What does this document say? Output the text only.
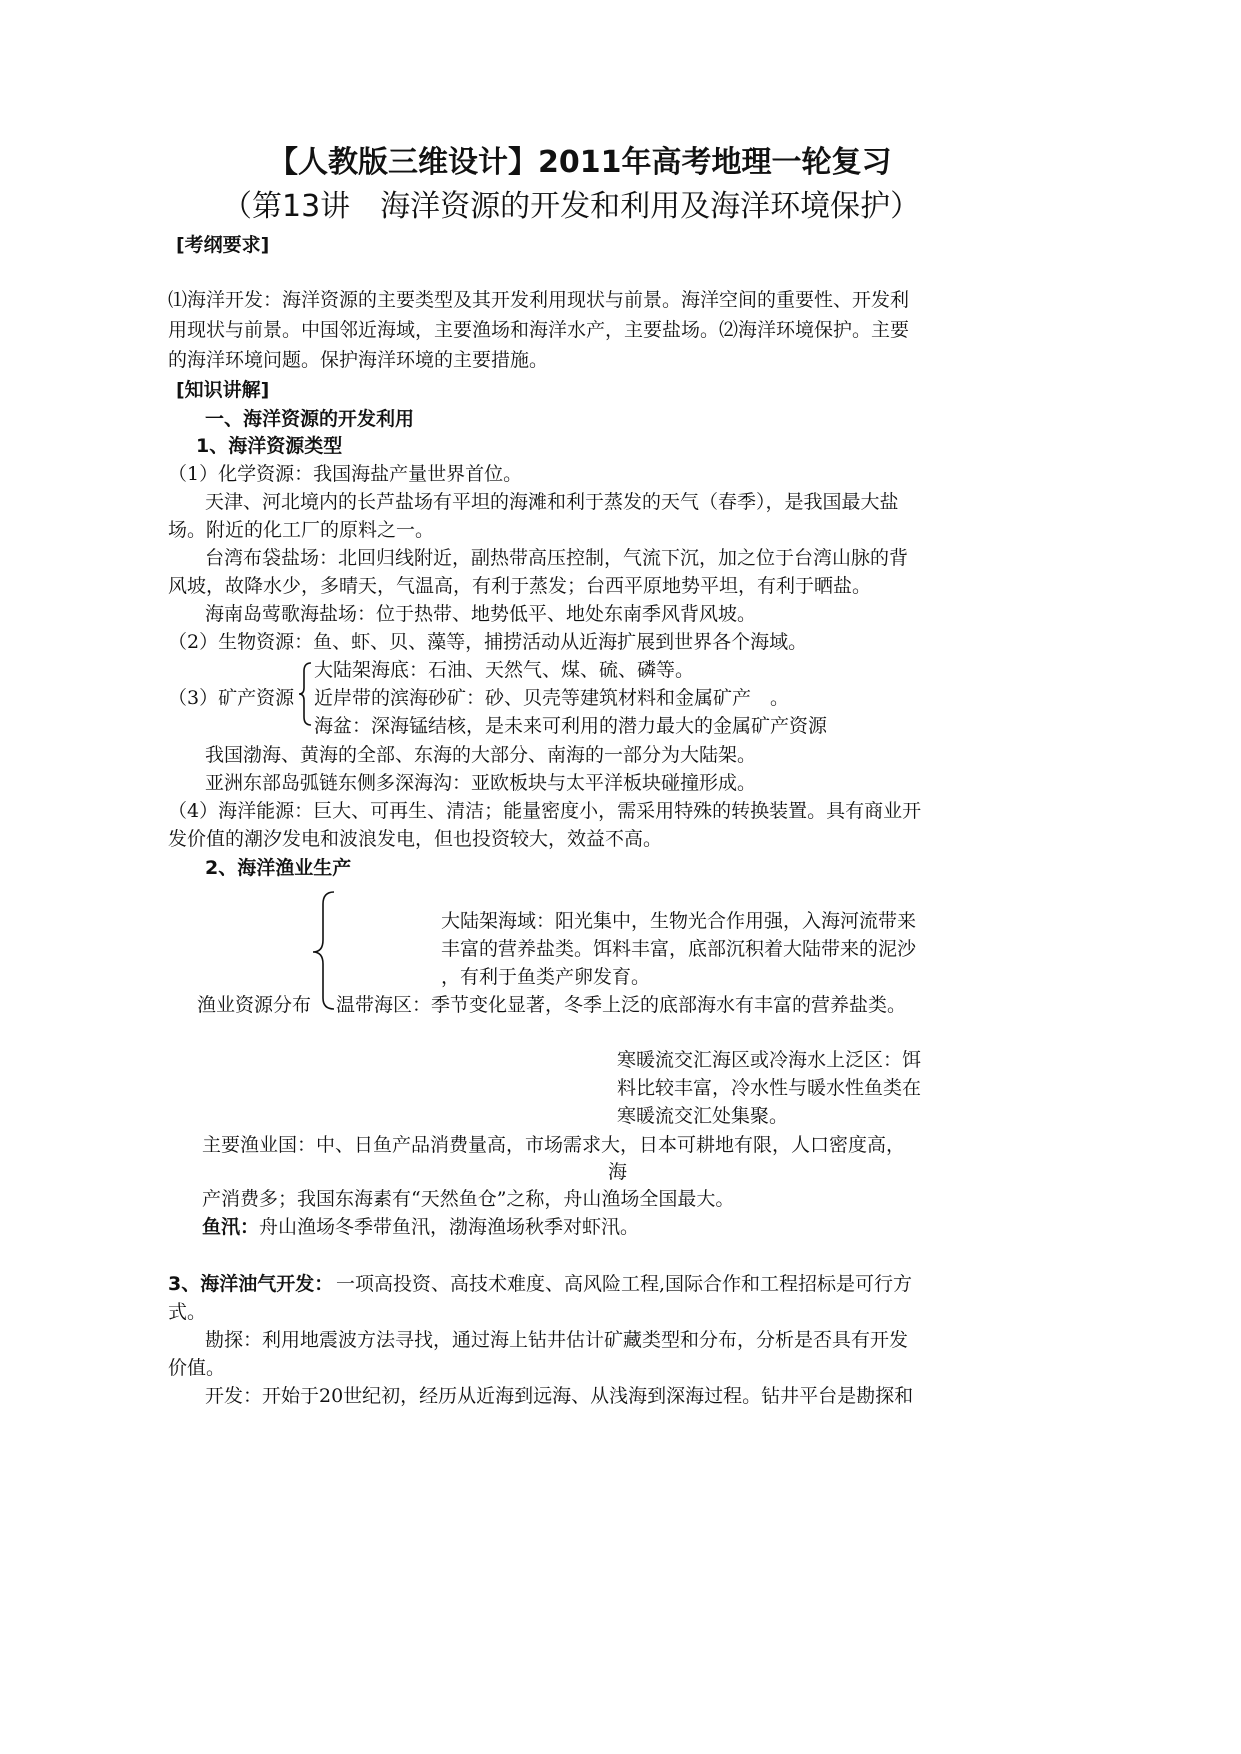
【人教版三维设计】2011年高考地理一轮复习
（第13讲　海洋资源的开发和利用及海洋环境保护）
[考纲要求]
⑴海洋开发：海洋资源的主要类型及其开发利用现状与前景。海洋空间的重要性、开发利
用现状与前景。中国邻近海域，主要渔场和海洋水产，主要盐场。⑵海洋环境保护。主要
的海洋环境问题。保护海洋环境的主要措施。
[知识讲解]
一、海洋资源的开发利用
1、海洋资源类型
（1）化学资源：我国海盐产量世界首位。
天津、河北境内的长芦盐场有平坦的海滩和利于蒸发的天气（春季），是我国最大盐
场。附近的化工厂的原料之一。
台湾布袋盐场：北回归线附近，副热带高压控制，气流下沉，加之位于台湾山脉的背
风坡，故降水少，多晴天，气温高，有利于蒸发；台西平原地势平坦，有利于晒盐。
海南岛莺歌海盐场：位于热带、地势低平、地处东南季风背风坡。
（2）生物资源：鱼、虾、贝、藻等，捕捞活动从近海扩展到世界各个海域。
（3）矿产资源
大陆架海底：石油、天然气、煤、硫、磷等。
近岸带的滨海砂矿：砂、贝壳等建筑材料和金属矿产　。
海盆：深海锰结核，是未来可利用的潜力最大的金属矿产资源
我国渤海、黄海的全部、东海的大部分、南海的一部分为大陆架。
亚洲东部岛弧链东侧多深海沟：亚欧板块与太平洋板块碰撞形成。
（4）海洋能源：巨大、可再生、清洁；能量密度小，需采用特殊的转换装置。具有商业开
发价值的潮汐发电和波浪发电，但也投资较大，效益不高。
2、海洋渔业生产
大陆架海域：阳光集中，生物光合作用强，入海河流带来
丰富的营养盐类。饵料丰富，底部沉积着大陆带来的泥沙
，有利于鱼类产卵发育。
渔业资源分布 温带海区：季节变化显著，冬季上泛的底部海水有丰富的营养盐类。
寒暖流交汇海区或冷海水上泛区：饵
料比较丰富，冷水性与暖水性鱼类在
寒暖流交汇处集聚。
主要渔业国：中、日鱼产品消费量高，市场需求大，日本可耕地有限，人口密度高，
海
产消费多；我国东海素有“天然鱼仓”之称，舟山渔场全国最大。
鱼汛： 舟山渔场冬季带鱼汛，渤海渔场秋季对虾汛。
3、海洋油气开发： 一项高投资、高技术难度、高风险工程,国际合作和工程招标是可行方
式。
勘探：利用地震波方法寻找，通过海上钻井估计矿藏类型和分布，分析是否具有开发
价值。
开发：开始于20世纪初，经历从近海到远海、从浅海到深海过程。钻井平台是勘探和
